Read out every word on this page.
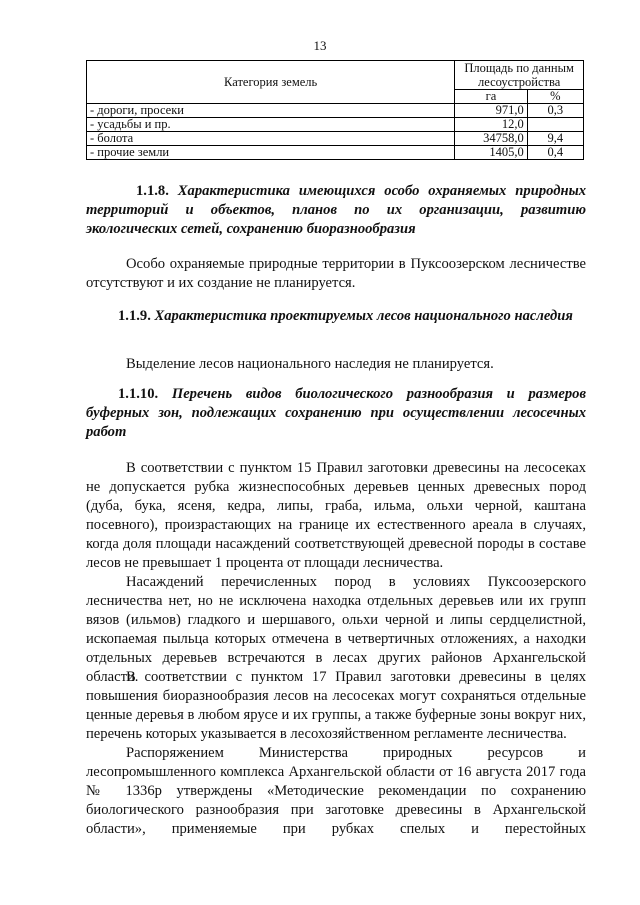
13
Категория земель	Площадь по данным лесоустройства	
	га	%
- дороги, просеки	971,0	0,3
- усадьбы и пр.	12,0	
- болота	34758,0	9,4
- прочие земли	1405,0	0,4
1.1.8. Характеристика имеющихся особо охраняемых природных территорий и объектов, планов по их организации, развитию экологических сетей, сохранению биоразнообразия
Особо охраняемые природные территории в Пуксоозерском лесничестве отсутствуют и их создание не планируется.
1.1.9. Характеристика проектируемых лесов национального наследия
Выделение лесов национального наследия не планируется.
1.1.10. Перечень видов биологического разнообразия и размеров буферных зон, подлежащих сохранению при осуществлении лесосечных работ
В соответствии с пунктом 15 Правил заготовки древесины на лесосеках не допускается рубка жизнеспособных деревьев ценных древесных пород (дуба, бука, ясеня, кедра, липы, граба, ильма, ольхи черной, каштана посевного), произрастающих на границе их естественного ареала в случаях, когда доля площади насаждений соответствующей древесной породы в составе лесов не превышает 1 процента от площади лесничества.
Насаждений перечисленных пород в условиях Пуксоозерского лесничества нет, но не исключена находка отдельных деревьев или их групп вязов (ильмов) гладкого и шершавого, ольхи черной и липы сердцелистной, ископаемая пыльца которых отмечена в четвертичных отложениях, а находки отдельных деревьев встречаются в лесах других районов Архангельской области.
В соответствии с пунктом 17 Правил заготовки древесины в целях повышения биоразнообразия лесов на лесосеках могут сохраняться отдельные ценные деревья в любом ярусе и их группы, а также буферные зоны вокруг них, перечень которых указывается в лесохозяйственном регламенте лесничества.
Распоряжением Министерства природных ресурсов и лесопромышленного комплекса Архангельской области от 16 августа 2017 года № 1336р утверждены «Методические рекомендации по сохранению биологического разнообразия при заготовке древесины в Архангельской области», применяемые при рубках спелых и перестойных
